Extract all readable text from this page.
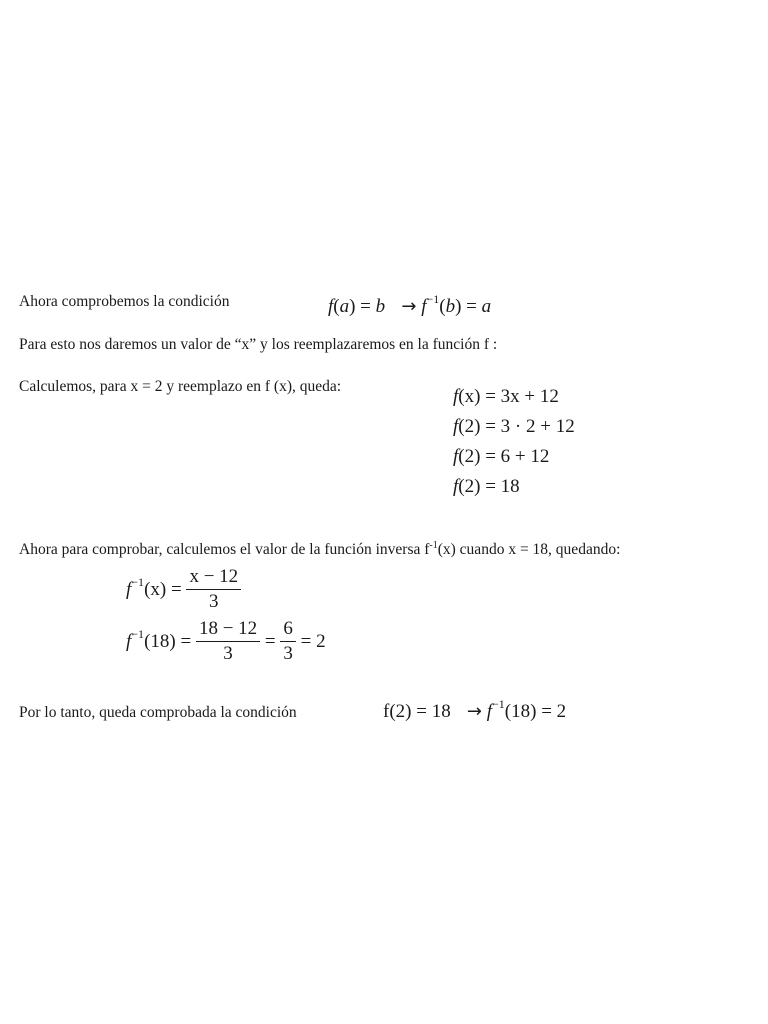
Ahora comprobemos la condición	$f(a) = b \to f^{-1}(b) = a$
Para esto nos daremos un valor de “x” y los reemplazaremos en la función f :
Calculemos, para x = 2 y reemplazo en f (x), queda:	f(x) = 3x + 12
f(2) = 3 · 2 + 12
f(2) = 6 + 12
f(2) = 18
Ahora para comprobar, calculemos el valor de la función inversa $f^{-1}(x)$ cuando x = 18, quedando:
$f^{-1}(x) = \frac{x - 12}{3}$
$f^{-1}(18) = \frac{18 - 12}{3} = \frac{6}{3}$
= 2
Por lo tanto, queda comprobada la condición	$f(2) = 18 \to f^{-1}(18) = 2$
